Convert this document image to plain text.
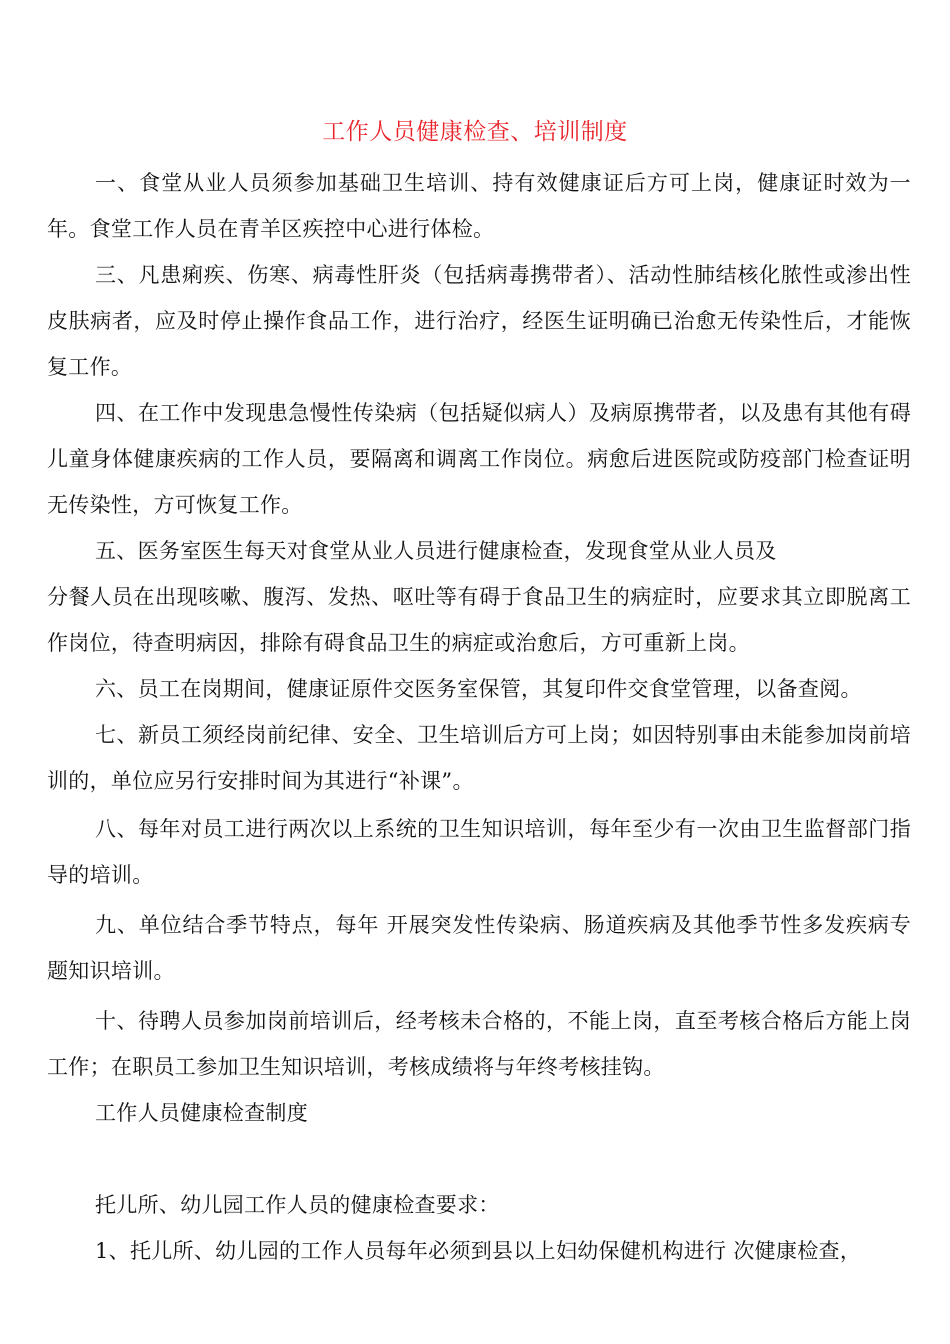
工作人员健康检查、培训制度
一、食堂从业人员须参加基础卫生培训、持有效健康证后方可上岗，健康证时效为一年。食堂工作人员在青羊区疾控中心进行体检。
三、凡患痢疾、伤寒、病毒性肝炎（包括病毒携带者）、活动性肺结核化脓性或渗出性皮肤病者，应及时停止操作食品工作，进行治疗，经医生证明确已治愈无传染性后，才能恢复工作。
四、在工作中发现患急慢性传染病（包括疑似病人）及病原携带者，以及患有其他有碍儿童身体健康疾病的工作人员，要隔离和调离工作岗位。病愈后进医院或防疫部门检查证明无传染性，方可恢复工作。
五、医务室医生每天对食堂从业人员进行健康检查，发现食堂从业人员及
分餐人员在出现咳嗽、腹泻、发热、呕吐等有碍于食品卫生的病症时，应要求其立即脱离工作岗位，待查明病因，排除有碍食品卫生的病症或治愈后，方可重新上岗。
六、员工在岗期间，健康证原件交医务室保管，其复印件交食堂管理，以备查阅。
七、新员工须经岗前纪律、安全、卫生培训后方可上岗；如因特别事由未能参加岗前培训的，单位应另行安排时间为其进行“补课”。
八、每年对员工进行两次以上系统的卫生知识培训，每年至少有一次由卫生监督部门指导的培训。
九、单位结合季节特点，每年 开展突发性传染病、肠道疾病及其他季节性多发疾病专题知识培训。
十、待聘人员参加岗前培训后，经考核未合格的，不能上岗，直至考核合格后方能上岗工作；在职员工参加卫生知识培训，考核成绩将与年终考核挂钩。
工作人员健康检查制度
托儿所、幼儿园工作人员的健康检查要求：
1、托儿所、幼儿园的工作人员每年必须到县以上妇幼保健机构进行 次健康检查，
